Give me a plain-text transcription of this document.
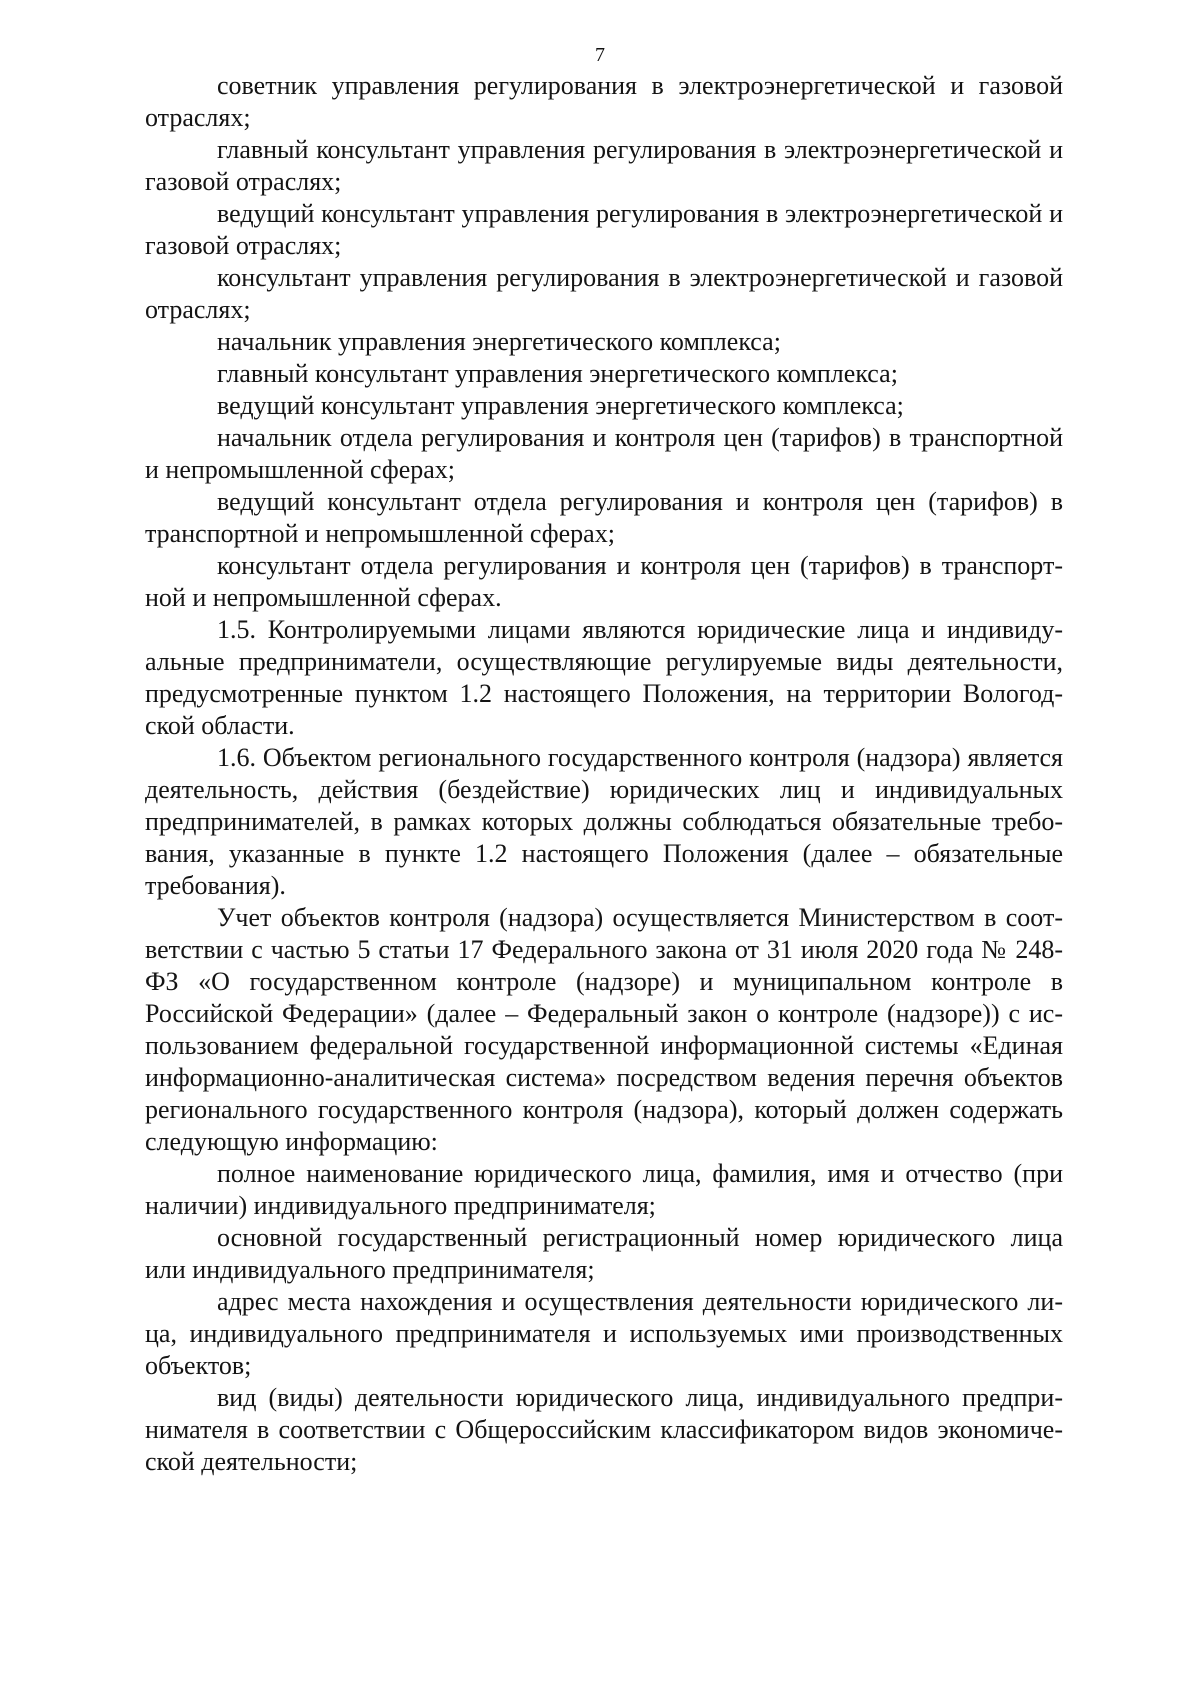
7

советник управления регулирования в электроэнергетической и газовой отраслях;

главный консультант управления регулирования в электроэнергетической и газовой отраслях;

ведущий консультант управления регулирования в электроэнергетической и газовой отраслях;

консультант управления регулирования в электроэнергетической и газовой отраслях;

начальник управления энергетического комплекса;

главный консультант управления энергетического комплекса;

ведущий консультант управления энергетического комплекса;

начальник отдела регулирования и контроля цен (тарифов) в транспортной и непромышленной сферах;

ведущий консультант отдела регулирования и контроля цен (тарифов) в транспортной и непромышленной сферах;

консультант отдела регулирования и контроля цен (тарифов) в транспортной и непромышленной сферах.

1.5. Контролируемыми лицами являются юридические лица и индивидуальные предприниматели, осуществляющие регулируемые виды деятельности, предусмотренные пунктом 1.2 настоящего Положения, на территории Вологодской области.

1.6. Объектом регионального государственного контроля (надзора) является деятельность, действия (бездействие) юридических лиц и индивидуальных предпринимателей, в рамках которых должны соблюдаться обязательные требования, указанные в пункте 1.2 настоящего Положения (далее – обязательные требования).

Учет объектов контроля (надзора) осуществляется Министерством в соответствии с частью 5 статьи 17 Федерального закона от 31 июля 2020 года № 248-ФЗ «О государственном контроле (надзоре) и муниципальном контроле в Российской Федерации» (далее – Федеральный закон о контроле (надзоре)) с использованием федеральной государственной информационной системы «Единая информационно-аналитическая система» посредством ведения перечня объектов регионального государственного контроля (надзора), который должен содержать следующую информацию:

полное наименование юридического лица, фамилия, имя и отчество (при наличии) индивидуального предпринимателя;

основной государственный регистрационный номер юридического лица или индивидуального предпринимателя;

адрес места нахождения и осуществления деятельности юридического лица, индивидуального предпринимателя и используемых ими производственных объектов;

вид (виды) деятельности юридического лица, индивидуального предпринимателя в соответствии с Общероссийским классификатором видов экономической деятельности;
